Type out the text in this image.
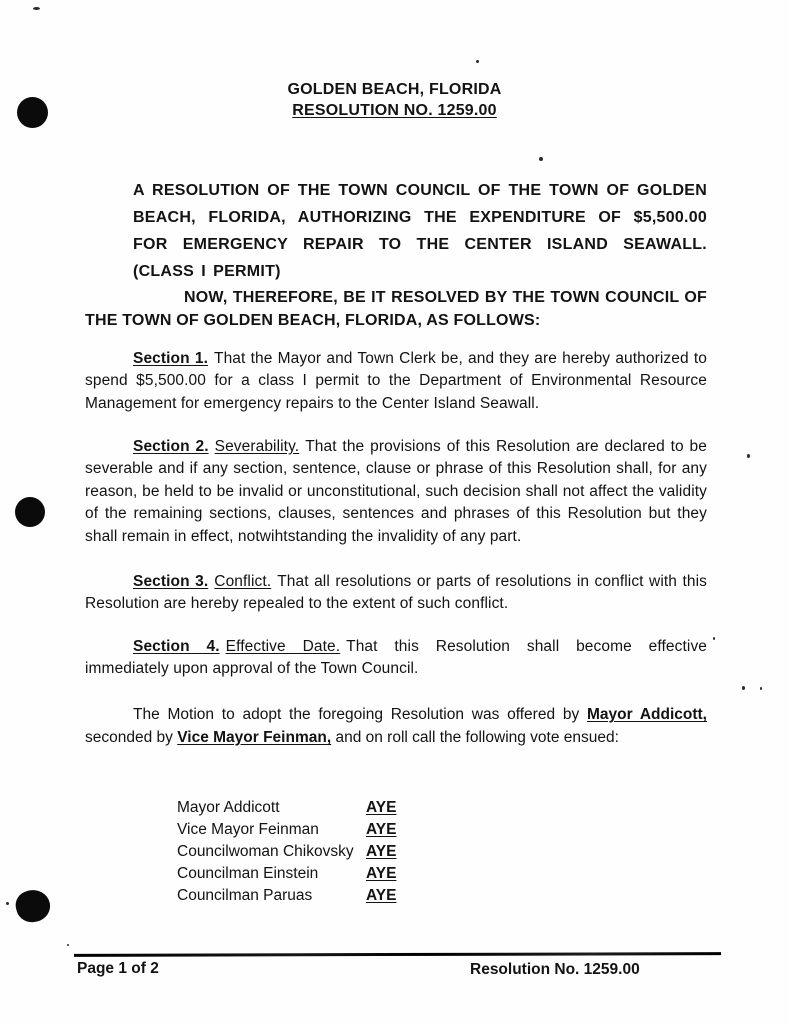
GOLDEN BEACH, FLORIDA
RESOLUTION NO. 1259.00
A RESOLUTION OF THE TOWN COUNCIL OF THE TOWN OF GOLDEN BEACH, FLORIDA, AUTHORIZING THE EXPENDITURE OF $5,500.00 FOR EMERGENCY REPAIR TO THE CENTER ISLAND SEAWALL. (CLASS I PERMIT)
NOW, THEREFORE, BE IT RESOLVED BY THE TOWN COUNCIL OF THE TOWN OF GOLDEN BEACH, FLORIDA, AS FOLLOWS:
Section 1. That the Mayor and Town Clerk be, and they are hereby authorized to spend $5,500.00 for a class I permit to the Department of Environmental Resource Management for emergency repairs to the Center Island Seawall.
Section 2. Severability. That the provisions of this Resolution are declared to be severable and if any section, sentence, clause or phrase of this Resolution shall, for any reason, be held to be invalid or unconstitutional, such decision shall not affect the validity of the remaining sections, clauses, sentences and phrases of this Resolution but they shall remain in effect, notwihtstanding the invalidity of any part.
Section 3. Conflict. That all resolutions or parts of resolutions in conflict with this Resolution are hereby repealed to the extent of such conflict.
Section 4. Effective Date. That this Resolution shall become effective immediately upon approval of the Town Council.
The Motion to adopt the foregoing Resolution was offered by Mayor Addicott, seconded by Vice Mayor Feinman, and on roll call the following vote ensued:
Mayor Addicott	AYE
Vice Mayor Feinman	AYE
Councilwoman Chikovsky AYE
Councilman Einstein	AYE
Councilman Paruas	AYE
Page 1 of 2	Resolution No. 1259.00
